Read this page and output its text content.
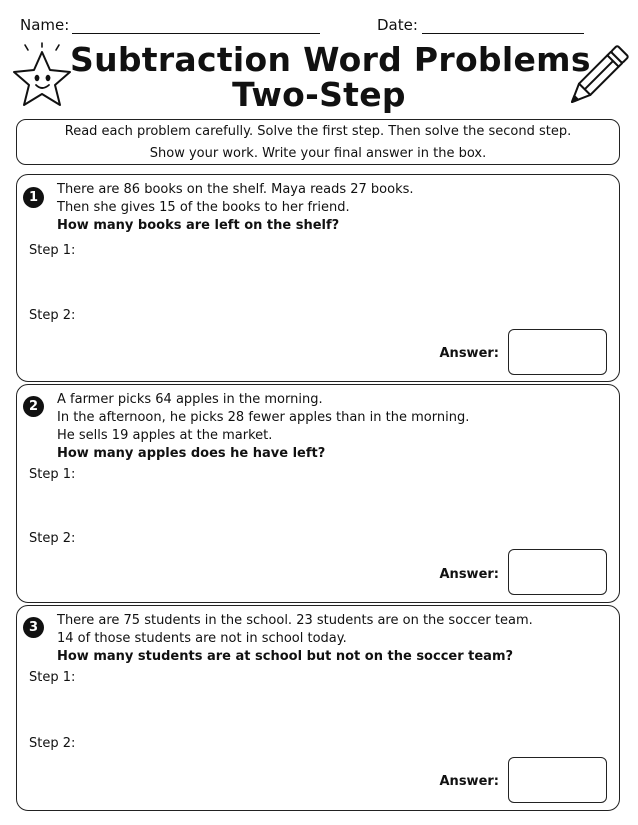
Name:	Date:
Subtraction Word Problems
Two-Step
Read each problem carefully. Solve the first step. Then solve the second step.
Show your work. Write your final answer in the box.
1
There are 86 books on the shelf. Maya reads 27 books.
Then she gives 15 of the books to her friend.
How many books are left on the shelf?
Step 1:
Step 2:
Answer:
2	A farmer picks 64 apples in the morning.
In the afternoon, he picks 28 fewer apples than in the morning.
He sells 19 apples at the market.
How many apples does he have left?
Step 1:
Step 2:
Answer:
3	There are 75 students in the school. 23 students are on the soccer team.
14 of those students are not in school today.
How many students are at school but not on the soccer team?
Step 1:
Step 2:
Answer:
